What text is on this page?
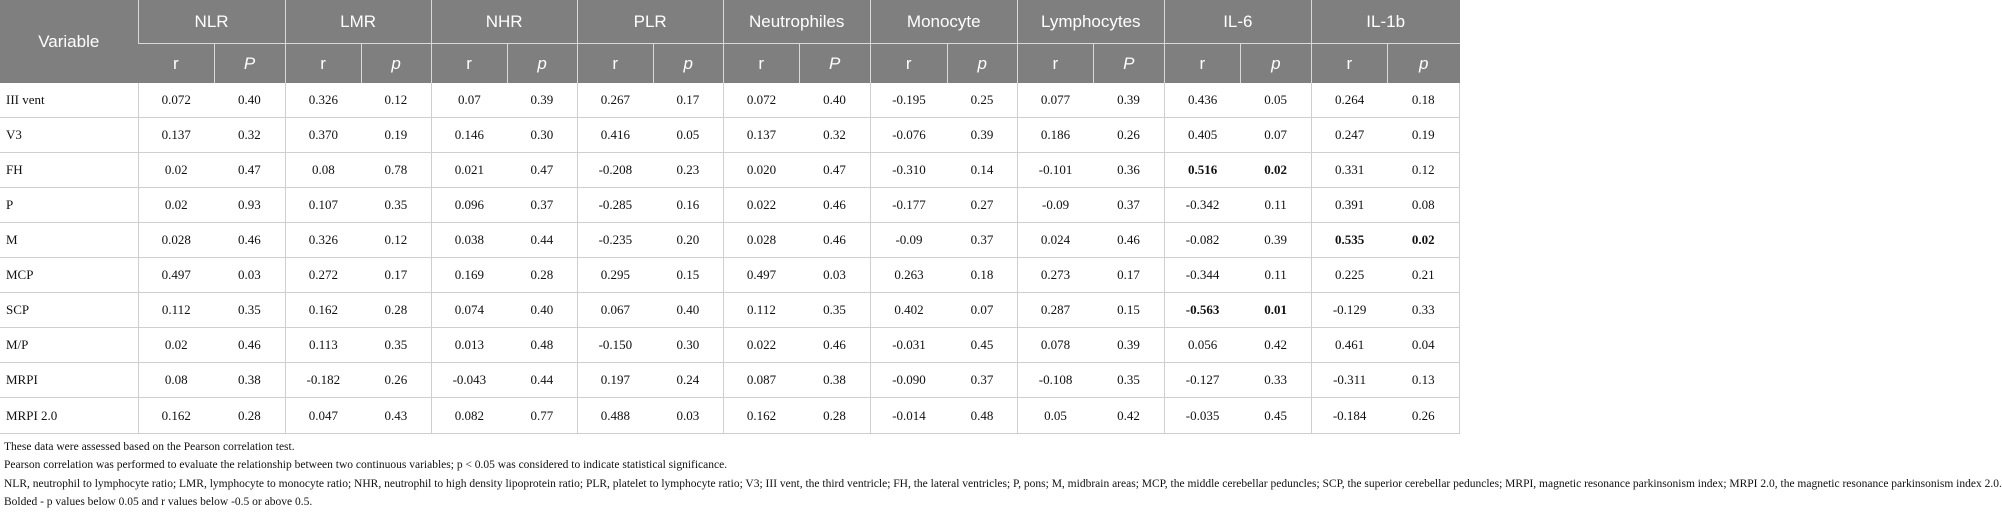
Variable	NLR		LMR		NHR		PLR		Neutrophiles		Monocyte		Lymphocytes		IL-6		IL-1b	
	r	P	r	p	r	p	r	p	r	P	r	p	r	P	r	p	r	p
III vent	0.072	0.40	0.326	0.12	0.07	0.39	0.267	0.17	0.072	0.40	-0.195	0.25	0.077	0.39	0.436	0.05	0.264	0.18
V3	0.137	0.32	0.370	0.19	0.146	0.30	0.416	0.05	0.137	0.32	-0.076	0.39	0.186	0.26	0.405	0.07	0.247	0.19
FH	0.02	0.47	0.08	0.78	0.021	0.47	-0.208	0.23	0.020	0.47	-0.310	0.14	-0.101	0.36	0.516	0.02	0.331	0.12
P	0.02	0.93	0.107	0.35	0.096	0.37	-0.285	0.16	0.022	0.46	-0.177	0.27	-0.09	0.37	-0.342	0.11	0.391	0.08
M	0.028	0.46	0.326	0.12	0.038	0.44	-0.235	0.20	0.028	0.46	-0.09	0.37	0.024	0.46	-0.082	0.39	0.535	0.02
MCP	0.497	0.03	0.272	0.17	0.169	0.28	0.295	0.15	0.497	0.03	0.263	0.18	0.273	0.17	-0.344	0.11	0.225	0.21
SCP	0.112	0.35	0.162	0.28	0.074	0.40	0.067	0.40	0.112	0.35	0.402	0.07	0.287	0.15	-0.563	0.01	-0.129	0.33
M/P	0.02	0.46	0.113	0.35	0.013	0.48	-0.150	0.30	0.022	0.46	-0.031	0.45	0.078	0.39	0.056	0.42	0.461	0.04
MRPI	0.08	0.38	-0.182	0.26	-0.043	0.44	0.197	0.24	0.087	0.38	-0.090	0.37	-0.108	0.35	-0.127	0.33	-0.311	0.13
MRPI 2.0	0.162	0.28	0.047	0.43	0.082	0.77	0.488	0.03	0.162	0.28	-0.014	0.48	0.05	0.42	-0.035	0.45	-0.184	0.26
These data were assessed based on the Pearson correlation test.
Pearson correlation was performed to evaluate the relationship between two continuous variables; p < 0.05 was considered to indicate statistical significance.
NLR, neutrophil to lymphocyte ratio; LMR, lymphocyte to monocyte ratio; NHR, neutrophil to high density lipoprotein ratio; PLR, platelet to lymphocyte ratio; V3; III vent, the third ventricle; FH, the lateral ventricles; P, pons; M, midbrain areas; MCP, the middle cerebellar peduncles; SCP, the superior cerebellar peduncles; MRPI, magnetic resonance parkinsonism index; MRPI 2.0, the magnetic resonance parkinsonism index 2.0.
Bolded - p values below 0.05 and r values below -0.5 or above 0.5.
